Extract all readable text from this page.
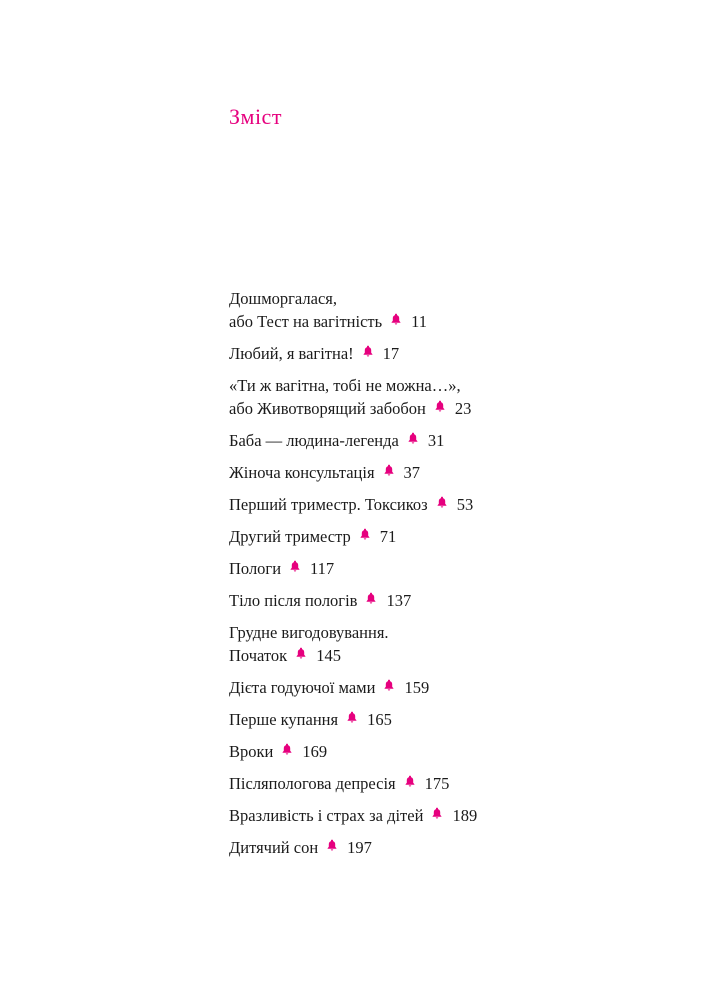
Зміст
Дошморгалася,
або Тест на вагітність 11
Любий, я вагітна! 17
«Ти ж вагітна, тобі не можна…»,
або Животворящий забобон 23
Баба — людина-легенда 31
Жіноча консультація 37
Перший триместр. Токсикоз 53
Другий триместр 71
Пологи 117
Тіло після пологів 137
Грудне вигодовування.
Початок 145
Дієта годуючої мами 159
Перше купання 165
Вроки 169
Післяпологова депресія 175
Вразливість і страх за дітей 189
Дитячий сон 197
